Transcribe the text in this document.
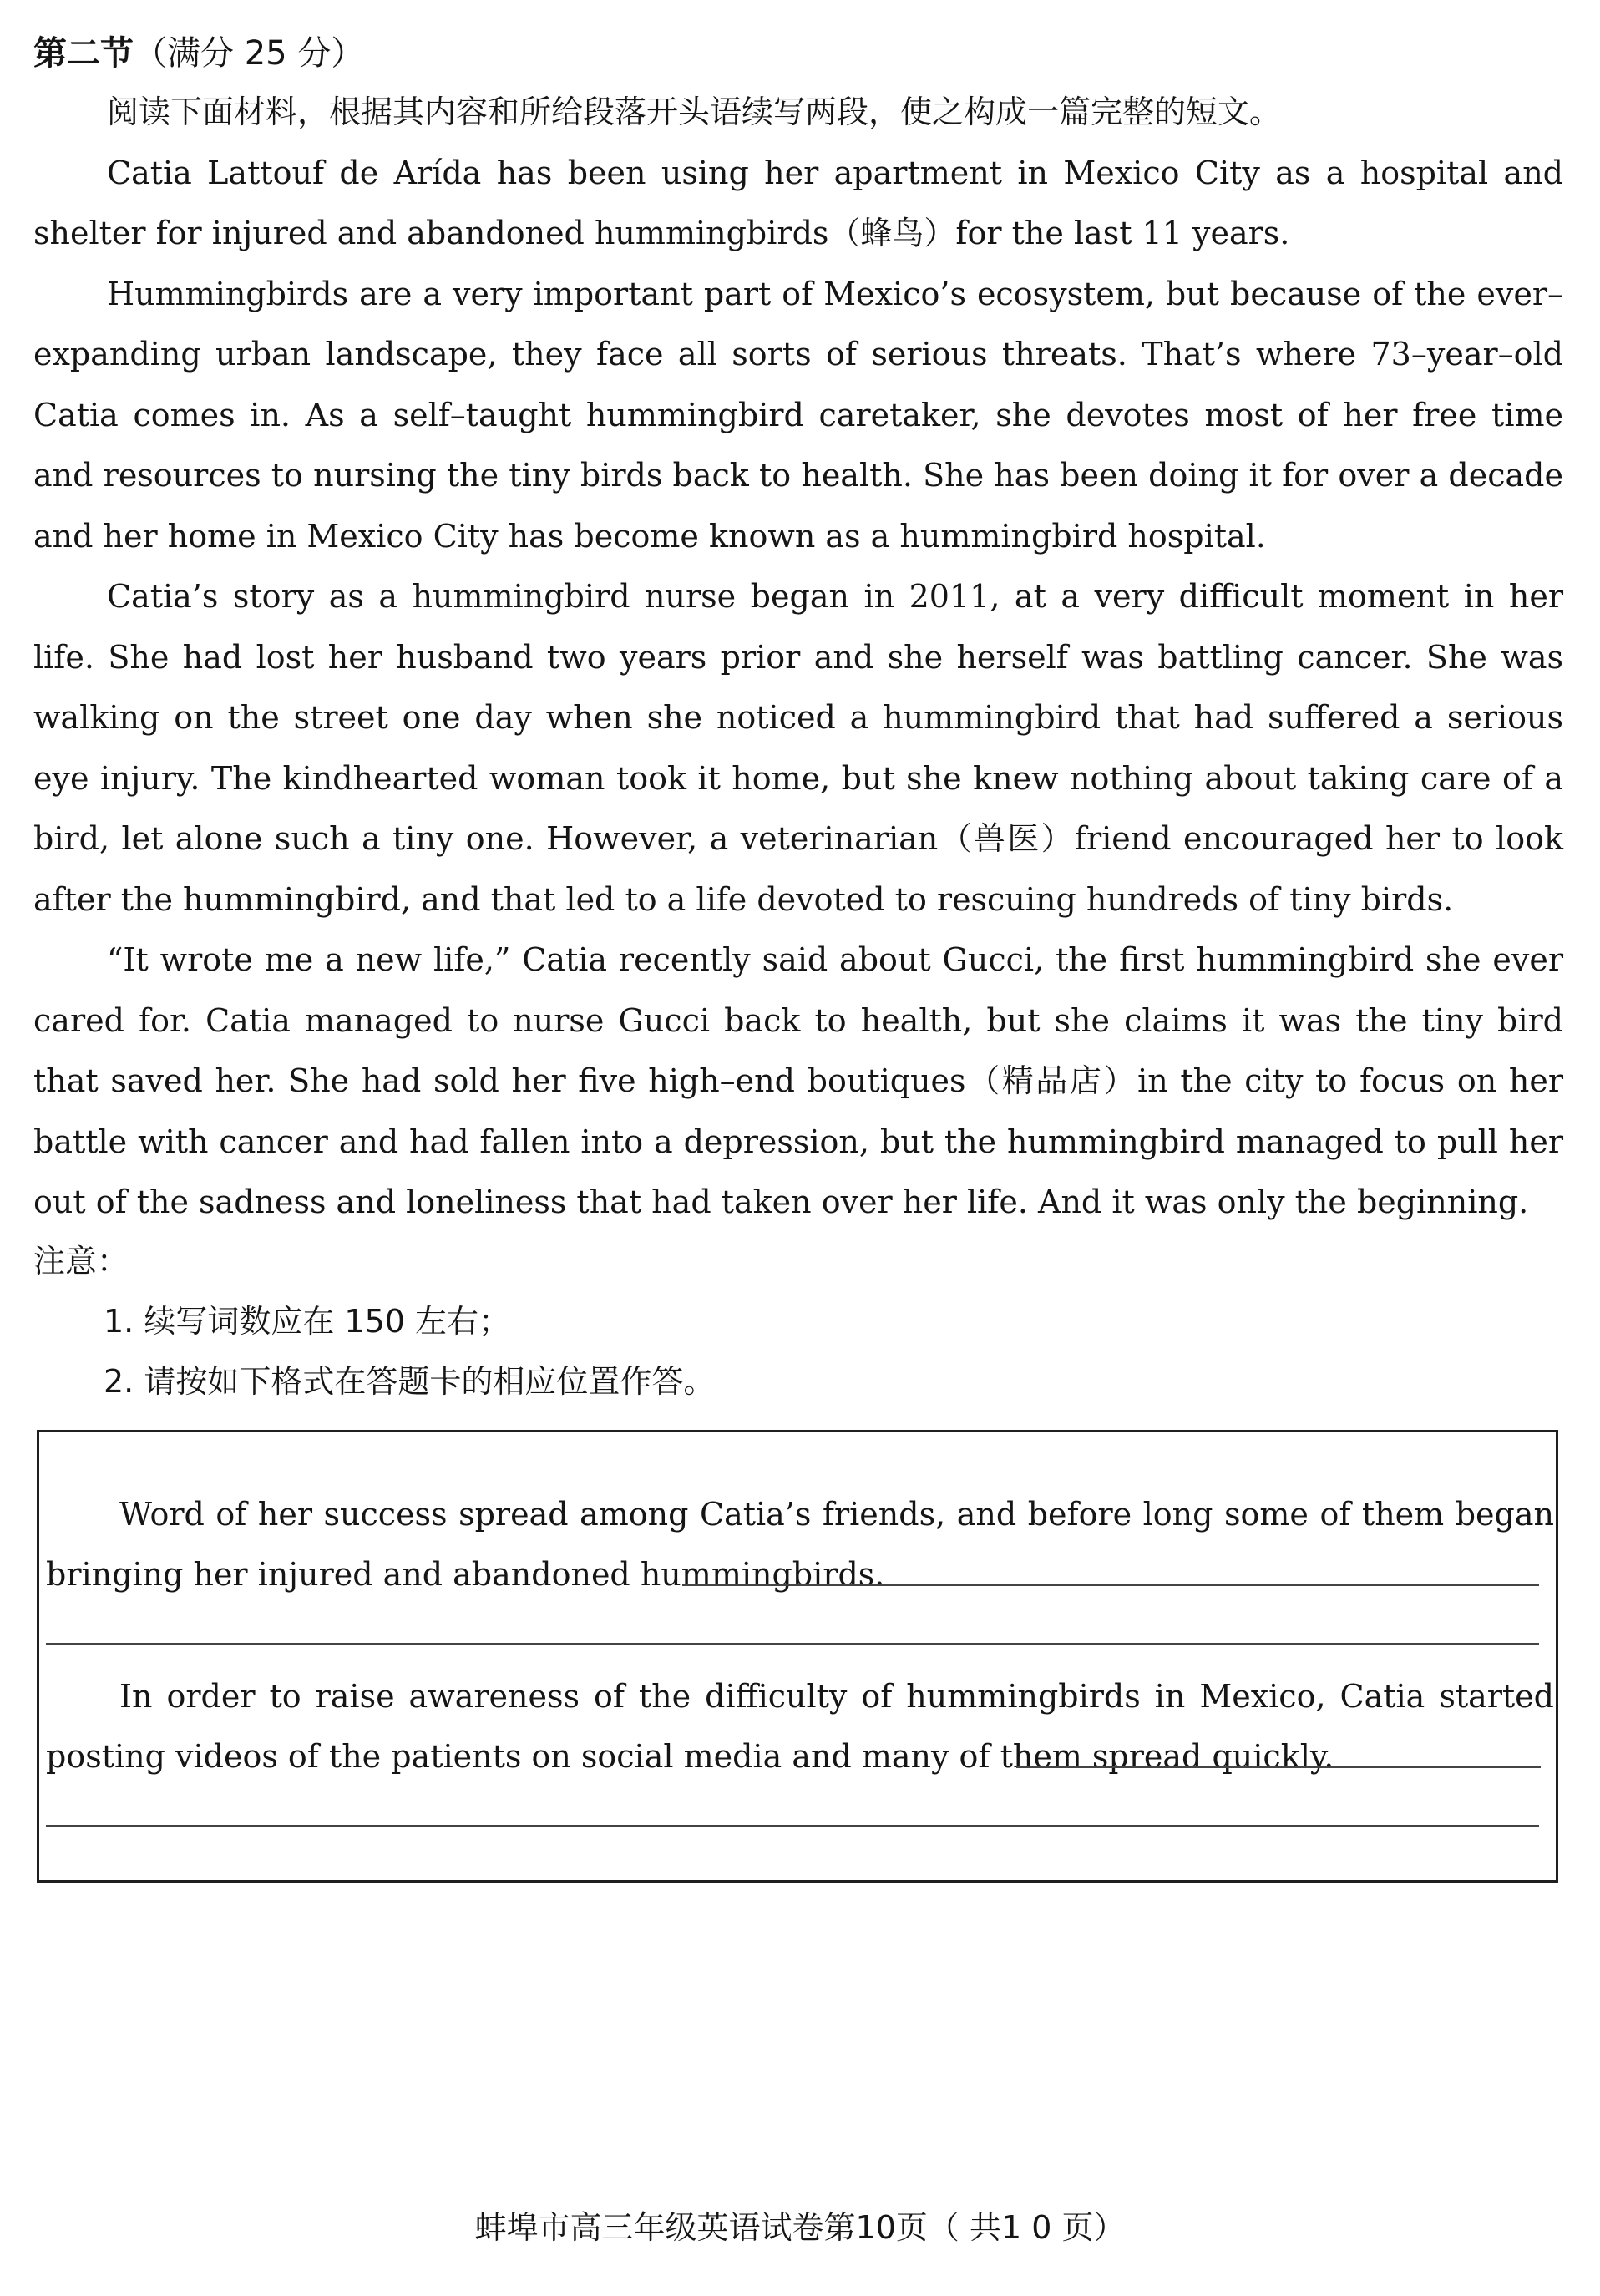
第二节（满分 25 分）

阅读下面材料，根据其内容和所给段落开头语续写两段，使之构成一篇完整的短文。

Catia Lattouf de Arída has been using her apartment in Mexico City as a hospital and shelter for injured and abandoned hummingbirds（蜂鸟）for the last 11 years.

Hummingbirds are a very important part of Mexico’s ecosystem, but because of the ever–expanding urban landscape, they face all sorts of serious threats. That’s where 73–year–old Catia comes in. As a self–taught hummingbird caretaker, she devotes most of her free time and resources to nursing the tiny birds back to health. She has been doing it for over a decade and her home in Mexico City has become known as a hummingbird hospital.

Catia’s story as a hummingbird nurse began in 2011, at a very difficult moment in her life. She had lost her husband two years prior and she herself was battling cancer. She was walking on the street one day when she noticed a hummingbird that had suffered a serious eye injury. The kindhearted woman took it home, but she knew nothing about taking care of a bird, let alone such a tiny one. However, a veterinarian（兽医）friend encouraged her to look after the hummingbird, and that led to a life devoted to rescuing hundreds of tiny birds.

“It wrote me a new life,” Catia recently said about Gucci, the first hummingbird she ever cared for. Catia managed to nurse Gucci back to health, but she claims it was the tiny bird that saved her. She had sold her five high–end boutiques（精品店）in the city to focus on her battle with cancer and had fallen into a depression, but the hummingbird managed to pull her out of the sadness and loneliness that had taken over her life. And it was only the beginning.

注意：
1. 续写词数应在 150 左右；
2. 请按如下格式在答题卡的相应位置作答。
Word of her success spread among Catia’s friends, and before long some of them began bringing her injured and abandoned hummingbirds.
In order to raise awareness of the difficulty of hummingbirds in Mexico, Catia started posting videos of the patients on social media and many of them spread quickly.
蚌埠市高三年级英语试卷第10页（ 共1 0 页）
